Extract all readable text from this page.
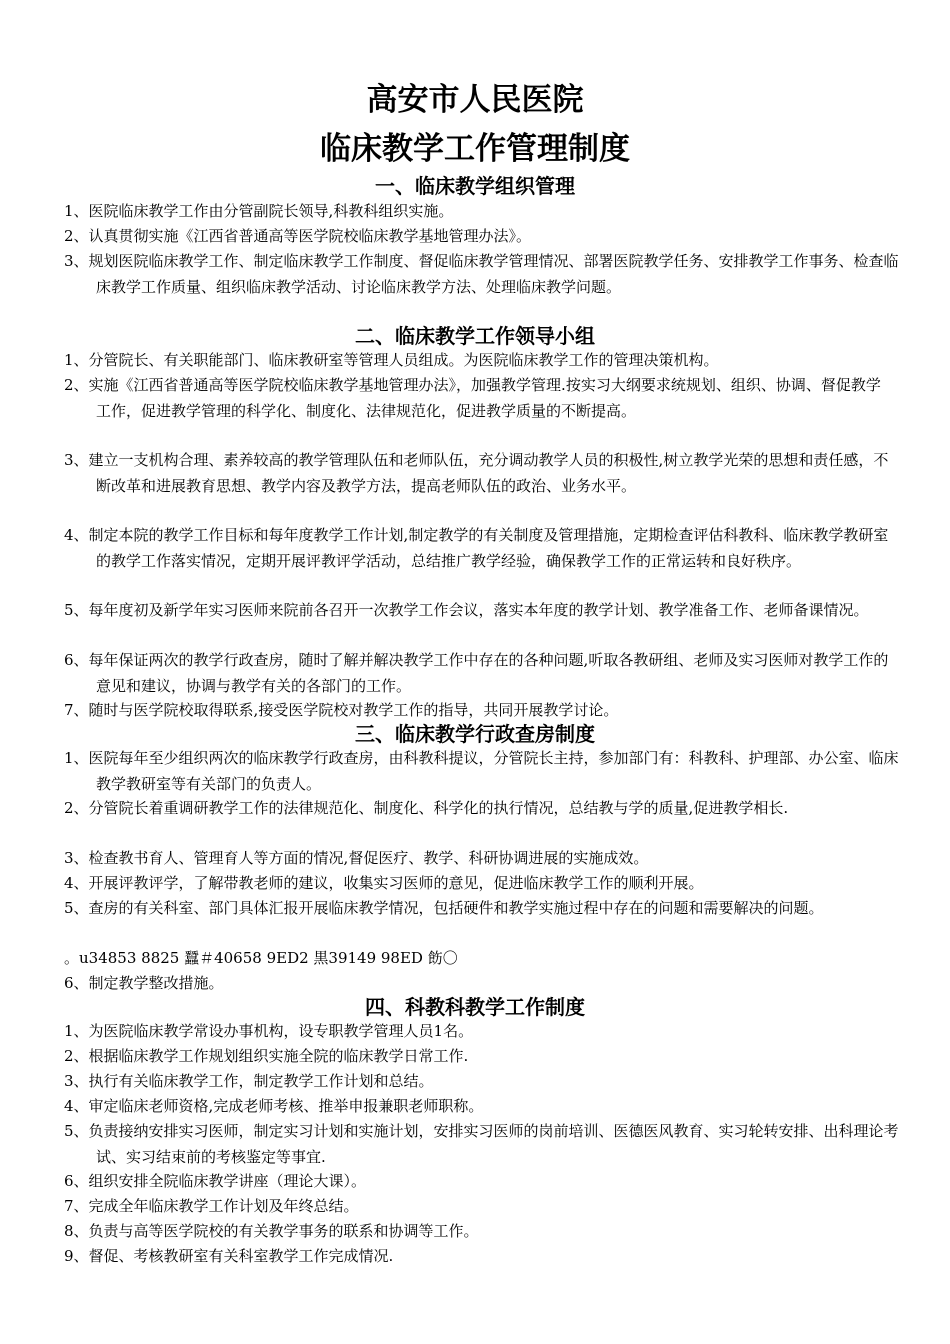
高安市人民医院
临床教学工作管理制度
一、临床教学组织管理

1、医院临床教学工作由分管副院长领导,科教科组织实施。

2、认真贯彻实施《江西省普通高等医学院校临床教学基地管理办法》。

3、规划医院临床教学工作、制定临床教学工作制度、督促临床教学管理情况、部署医院教学任务、安排教学工作事务、检查临床教学工作质量、组织临床教学活动、讨论临床教学方法、处理临床教学问题。

二、临床教学工作领导小组

1、分管院长、有关职能部门、临床教研室等管理人员组成。为医院临床教学工作的管理决策机构。

2、实施《江西省普通高等医学院校临床教学基地管理办法》，加强教学管理.按实习大纲要求统规划、组织、协调、督促教学工作，促进教学管理的科学化、制度化、法律规范化，促进教学质量的不断提高。

3、建立一支机构合理、素养较高的教学管理队伍和老师队伍，充分调动教学人员的积极性,树立教学光荣的思想和责任感，不断改革和进展教育思想、教学内容及教学方法，提高老师队伍的政治、业务水平。

4、制定本院的教学工作目标和每年度教学工作计划,制定教学的有关制度及管理措施，定期检查评估科教科、临床教学教研室的教学工作落实情况，定期开展评教评学活动，总结推广教学经验，确保教学工作的正常运转和良好秩序。

5、每年度初及新学年实习医师来院前各召开一次教学工作会议，落实本年度的教学计划、教学准备工作、老师备课情况。

6、每年保证两次的教学行政查房，随时了解并解决教学工作中存在的各种问题,听取各教研组、老师及实习医师对教学工作的意见和建议，协调与教学有关的各部门的工作。

7、随时与医学院校取得联系,接受医学院校对教学工作的指导，共同开展教学讨论。

三、临床教学行政查房制度

1、医院每年至少组织两次的临床教学行政查房，由科教科提议，分管院长主持，参加部门有：科教科、护理部、办公室、临床教学教研室等有关部门的负责人。

2、分管院长着重调研教学工作的法律规范化、制度化、科学化的执行情况，总结教与学的质量,促进教学相长.

3、检查教书育人、管理育人等方面的情况,督促医疗、教学、科研协调进展的实施成效。

4、开展评教评学，了解带教老师的建议，收集实习医师的意见，促进临床教学工作的顺利开展。

5、查房的有关科室、部门具体汇报开展临床教学情况，包括硬件和教学实施过程中存在的问题和需要解决的问题。

。u34853 8825 蠶＃40658 9ED2 黒39149 98ED 飭〇

6、制定教学整改措施。

四、科教科教学工作制度

1、为医院临床教学常设办事机构，设专职教学管理人员1名。

2、根据临床教学工作规划组织实施全院的临床教学日常工作.

3、执行有关临床教学工作，制定教学工作计划和总结。

4、审定临床老师资格,完成老师考核、推举申报兼职老师职称。

5、负责接纳安排实习医师，制定实习计划和实施计划，安排实习医师的岗前培训、医德医风教育、实习轮转安排、出科理论考试、实习结束前的考核鉴定等事宜.

6、组织安排全院临床教学讲座（理论大课）。

7、完成全年临床教学工作计划及年终总结。

8、负责与高等医学院校的有关教学事务的联系和协调等工作。

9、督促、考核教研室有关科室教学工作完成情况.
